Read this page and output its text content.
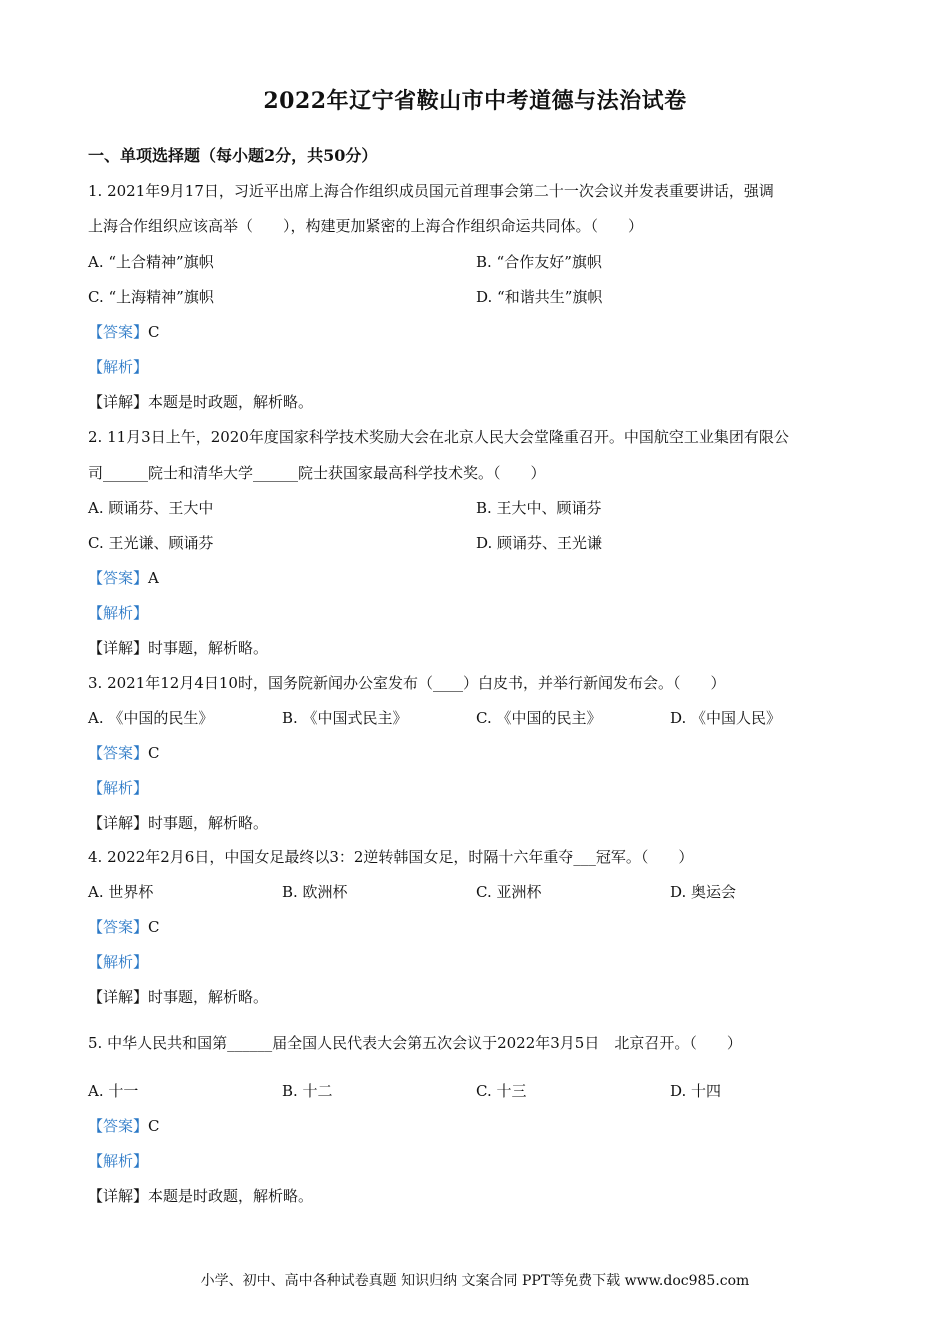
2022年辽宁省鞍山市中考道德与法治试卷
一、单项选择题（每小题2分，共50分）
1. 2021年9月17日，习近平出席上海合作组织成员国元首理事会第二十一次会议并发表重要讲话，强调
上海合作组织应该高举（　　），构建更加紧密的上海合作组织命运共同体。（　　）
A. “上合精神”旗帜	B. “合作友好”旗帜
C. “上海精神”旗帜	D. “和谐共生”旗帜
【答案】C
【解析】
【详解】本题是时政题，解析略。
2. 11月3日上午，2020年度国家科学技术奖励大会在北京人民大会堂隆重召开。中国航空工业集团有限公
司______院士和清华大学______院士获国家最高科学技术奖。（　　）
A. 顾诵芬、王大中	B. 王大中、顾诵芬
C. 王光谦、顾诵芬	D. 顾诵芬、王光谦
【答案】A
【解析】
【详解】时事题，解析略。
3. 2021年12月4日10时，国务院新闻办公室发布（____）白皮书，并举行新闻发布会。（　　）
A. 《中国的民生》	B. 《中国式民主》	C. 《中国的民主》	D. 《中国人民》
【答案】C
【解析】
【详解】时事题，解析略。
4. 2022年2月6日，中国女足最终以3：2逆转韩国女足，时隔十六年重夺___冠军。（　　）
A. 世界杯	B. 欧洲杯	C. 亚洲杯	D. 奥运会
【答案】C
【解析】
【详解】时事题，解析略。
5. 中华人民共和国第______届全国人民代表大会第五次会议于2022年3月5日　北京召开。（　　）
A. 十一	B. 十二	C. 十三	D. 十四
【答案】C
【解析】
【详解】本题是时政题，解析略。
小学、初中、高中各种试卷真题 知识归纳 文案合同 PPT等免费下载 www.doc985.com
